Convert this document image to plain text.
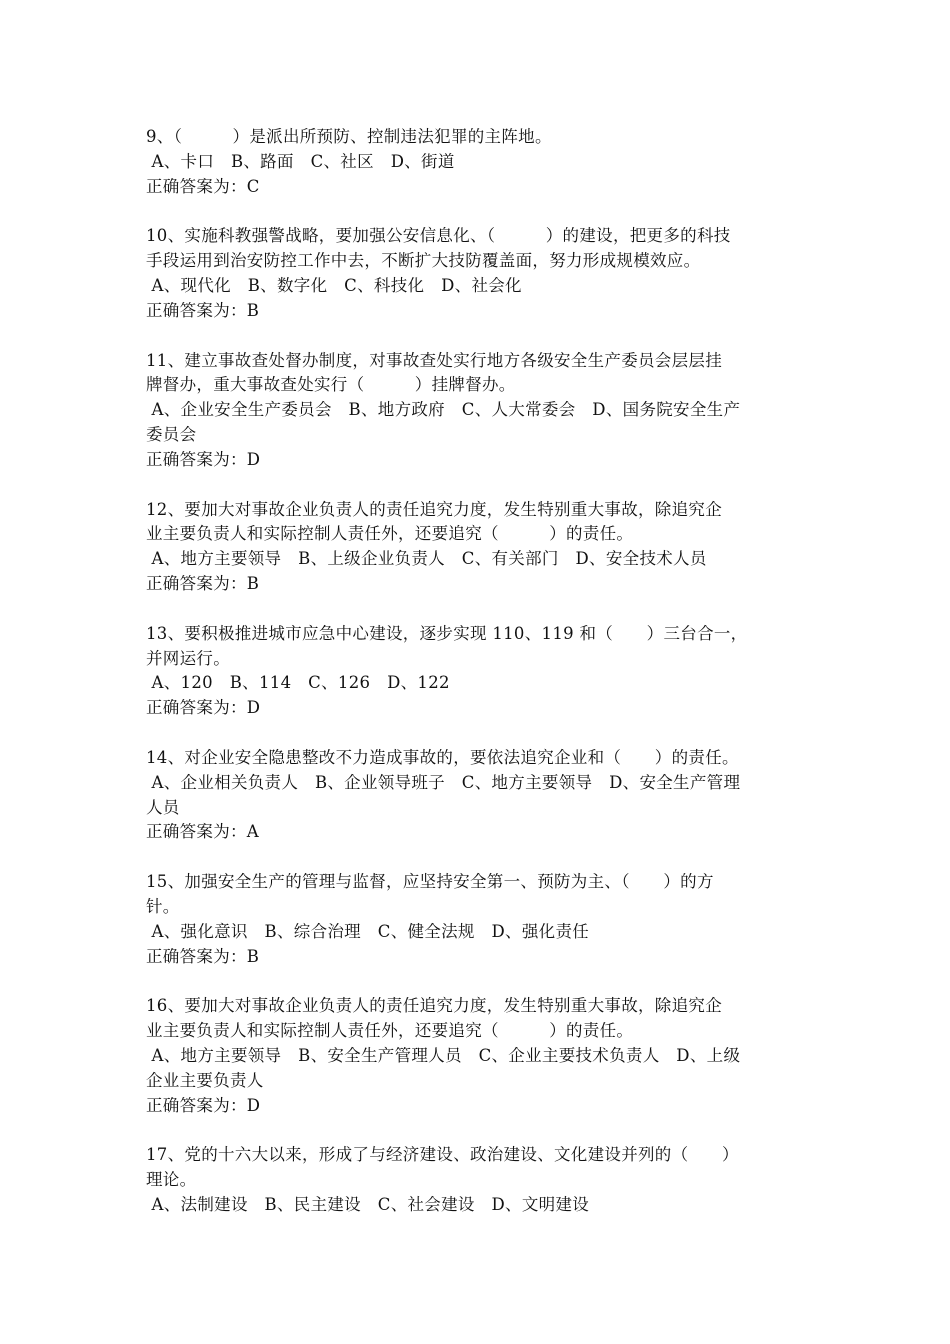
9、（　　　）是派出所预防、控制违法犯罪的主阵地。
A、卡口　B、路面　C、社区　D、街道
正确答案为：C
10、实施科教强警战略，要加强公安信息化、（　　　）的建设，把更多的科技
手段运用到治安防控工作中去，不断扩大技防覆盖面，努力形成规模效应。
A、现代化　B、数字化　C、科技化　D、社会化
正确答案为：B
11、建立事故查处督办制度，对事故查处实行地方各级安全生产委员会层层挂
牌督办，重大事故查处实行（　　　）挂牌督办。
A、企业安全生产委员会　B、地方政府　C、人大常委会　D、国务院安全生产
委员会
正确答案为：D
12、要加大对事故企业负责人的责任追究力度，发生特别重大事故，除追究企
业主要负责人和实际控制人责任外，还要追究（　　　）的责任。
A、地方主要领导　B、上级企业负责人　C、有关部门　D、安全技术人员
正确答案为：B
13、要积极推进城市应急中心建设，逐步实现 110、119 和（　　）三台合一，
并网运行。
A、120　B、114　C、126　D、122
正确答案为：D
14、对企业安全隐患整改不力造成事故的，要依法追究企业和（　　）的责任。
A、企业相关负责人　B、企业领导班子　C、地方主要领导　D、安全生产管理
人员
正确答案为：A
15、加强安全生产的管理与监督，应坚持安全第一、预防为主、（　　）的方
针。
A、强化意识　B、综合治理　C、健全法规　D、强化责任
正确答案为：B
16、要加大对事故企业负责人的责任追究力度，发生特别重大事故，除追究企
业主要负责人和实际控制人责任外，还要追究（　　　）的责任。
A、地方主要领导　B、安全生产管理人员　C、企业主要技术负责人　D、上级
企业主要负责人
正确答案为：D
17、党的十六大以来，形成了与经济建设、政治建设、文化建设并列的（　　）
理论。
A、法制建设　B、民主建设　C、社会建设　D、文明建设
